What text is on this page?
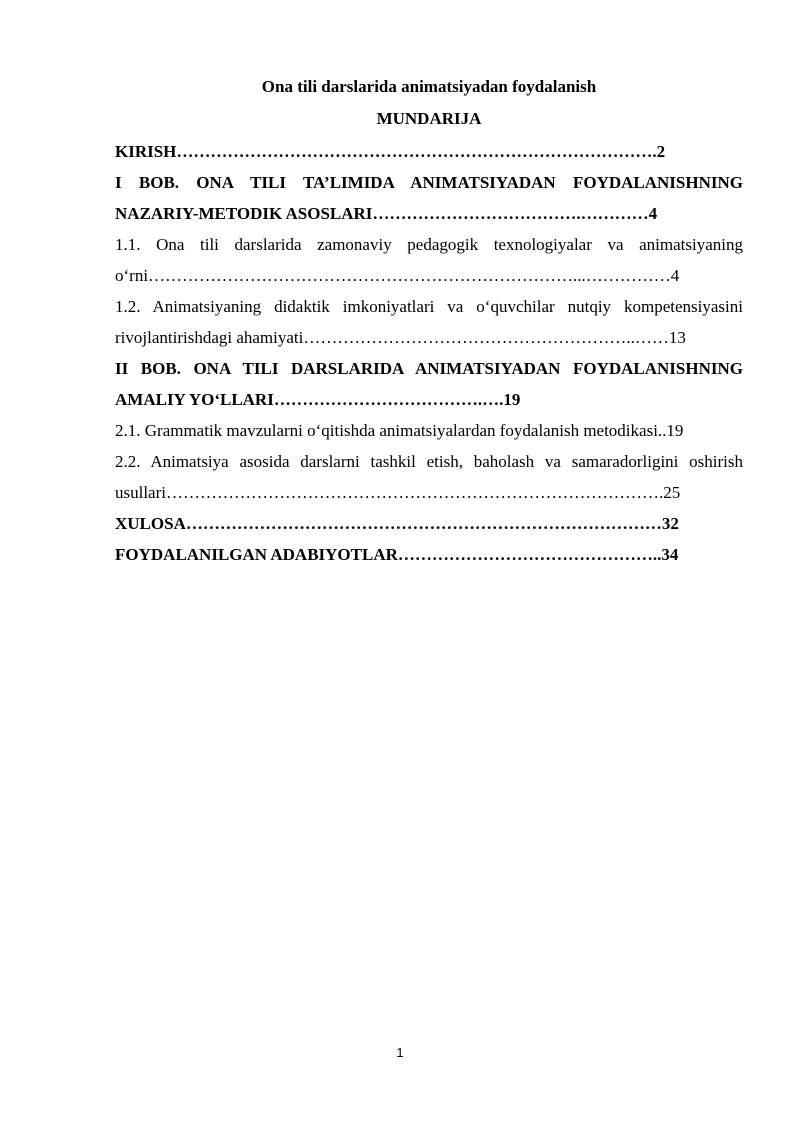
Ona tili darslarida animatsiyadan foydalanish

MUNDARIJA

KIRISH………………………………………………………………………….2

I BOB. ONA TILI TA’LIMIDA ANIMATSIYADAN FOYDALANISHNING NAZARIY-METODIK ASOSLARI……………………………….…………4

1.1. Ona tili darslarida zamonaviy pedagogik texnologiyalar va animatsiyaning o‘rni…………………………………………………………………...……………4

1.2. Animatsiyaning didaktik imkoniyatlari va o‘quvchilar nutqiy kompetensiyasini rivojlantirishdagi ahamiyati…………………………………………………..……13

II BOB. ONA TILI DARSLARIDA ANIMATSIYADAN FOYDALANISHNING AMALIY YO‘LLARI……………………………….….19

2.1. Grammatik mavzularni o‘qitishda animatsiyalardan foydalanish metodikasi..19

2.2. Animatsiya asosida darslarni tashkil etish, baholash va samaradorligini oshirish usullari…………………………………………………………………………….25

XULOSA…………………………………………………………………………32

FOYDALANILGAN ADABIYOTLAR………………………………………..34

1
